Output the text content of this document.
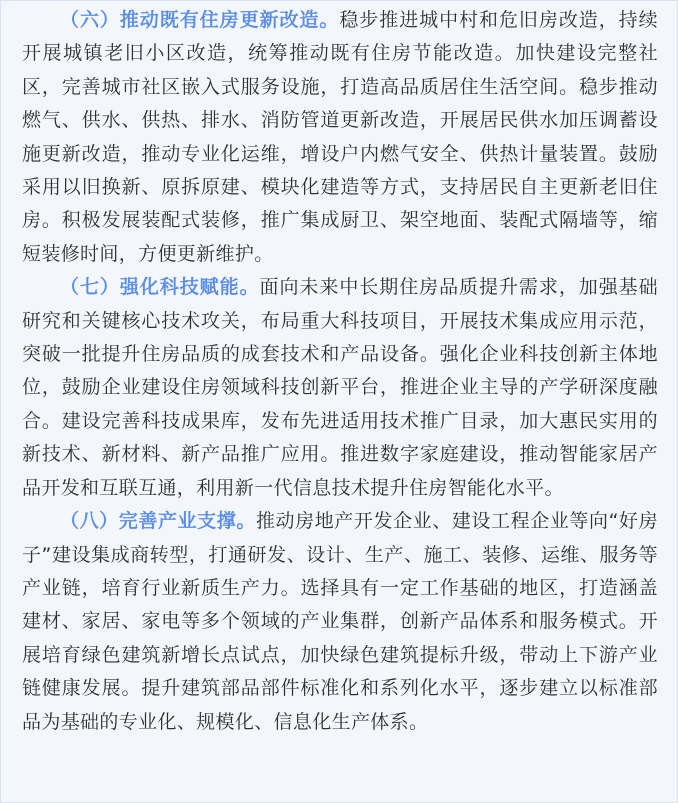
（六）推动既有住房更新改造。稳步推进城中村和危旧房改造，持续开展城镇老旧小区改造，统筹推动既有住房节能改造。加快建设完整社区，完善城市社区嵌入式服务设施，打造高品质居住生活空间。稳步推动燃气、供水、供热、排水、消防管道更新改造，开展居民供水加压调蓄设施更新改造，推动专业化运维，增设户内燃气安全、供热计量装置。鼓励采用以旧换新、原拆原建、模块化建造等方式，支持居民自主更新老旧住房。积极发展装配式装修，推广集成厨卫、架空地面、装配式隔墙等，缩短装修时间，方便更新维护。

（七）强化科技赋能。面向未来中长期住房品质提升需求，加强基础研究和关键核心技术攻关，布局重大科技项目，开展技术集成应用示范，突破一批提升住房品质的成套技术和产品设备。强化企业科技创新主体地位，鼓励企业建设住房领域科技创新平台，推进企业主导的产学研深度融合。建设完善科技成果库，发布先进适用技术推广目录，加大惠民实用的新技术、新材料、新产品推广应用。推进数字家庭建设，推动智能家居产品开发和互联互通，利用新一代信息技术提升住房智能化水平。

（八）完善产业支撑。推动房地产开发企业、建设工程企业等向“好房子”建设集成商转型，打通研发、设计、生产、施工、装修、运维、服务等产业链，培育行业新质生产力。选择具有一定工作基础的地区，打造涵盖建材、家居、家电等多个领域的产业集群，创新产品体系和服务模式。开展培育绿色建筑新增长点试点，加快绿色建筑提标升级，带动上下游产业链健康发展。提升建筑部品部件标准化和系列化水平，逐步建立以标准部品为基础的专业化、规模化、信息化生产体系。
